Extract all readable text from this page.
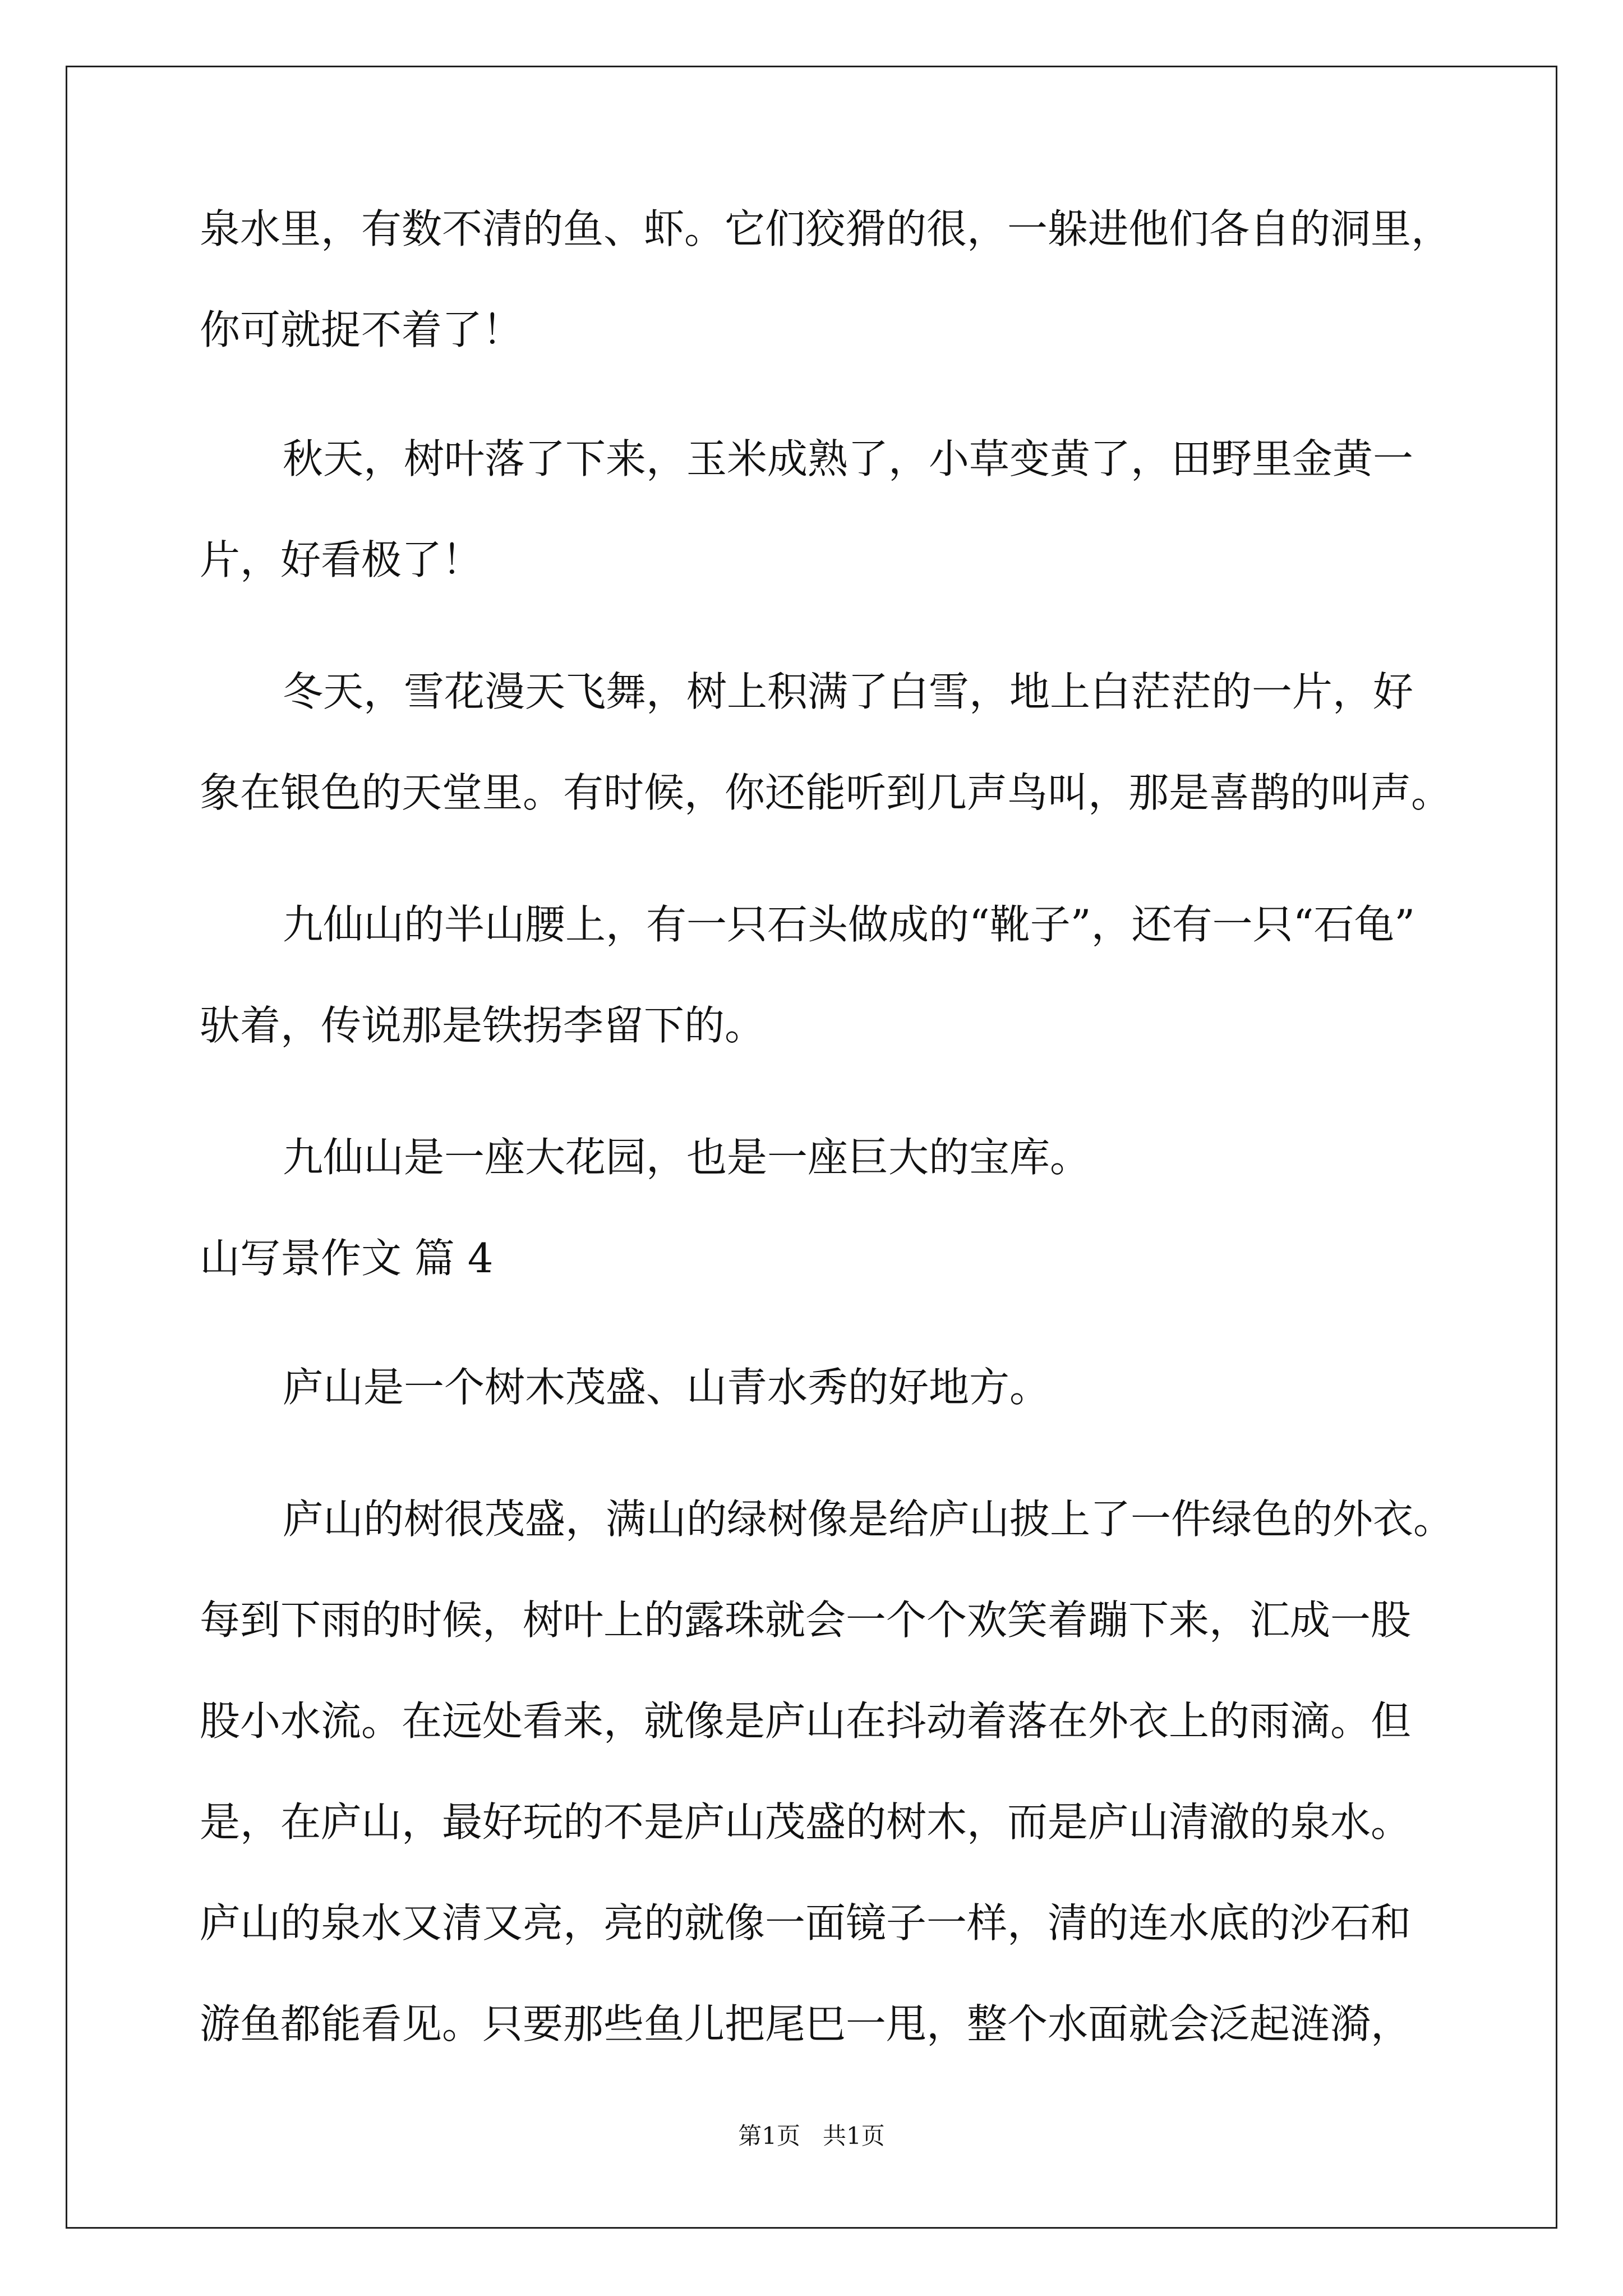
泉水里，有数不清的鱼、虾。它们狡猾的很，一躲进他们各自的洞里，
你可就捉不着了！
秋天，树叶落了下来，玉米成熟了，小草变黄了，田野里金黄一
片，好看极了！
冬天，雪花漫天飞舞，树上积满了白雪，地上白茫茫的一片，好
象在银色的天堂里。有时候，你还能听到几声鸟叫，那是喜鹊的叫声。
九仙山的半山腰上，有一只石头做成的“靴子”，还有一只“石龟”
驮着，传说那是铁拐李留下的。
九仙山是一座大花园，也是一座巨大的宝库。
山写景作文 篇 4
庐山是一个树木茂盛、山青水秀的好地方。
庐山的树很茂盛，满山的绿树像是给庐山披上了一件绿色的外衣。
每到下雨的时候，树叶上的露珠就会一个个欢笑着蹦下来，汇成一股
股小水流。在远处看来，就像是庐山在抖动着落在外衣上的雨滴。但
是，在庐山，最好玩的不是庐山茂盛的树木，而是庐山清澈的泉水。
庐山的泉水又清又亮，亮的就像一面镜子一样，清的连水底的沙石和
游鱼都能看见。只要那些鱼儿把尾巴一甩，整个水面就会泛起涟漪，
第1页   共1页
